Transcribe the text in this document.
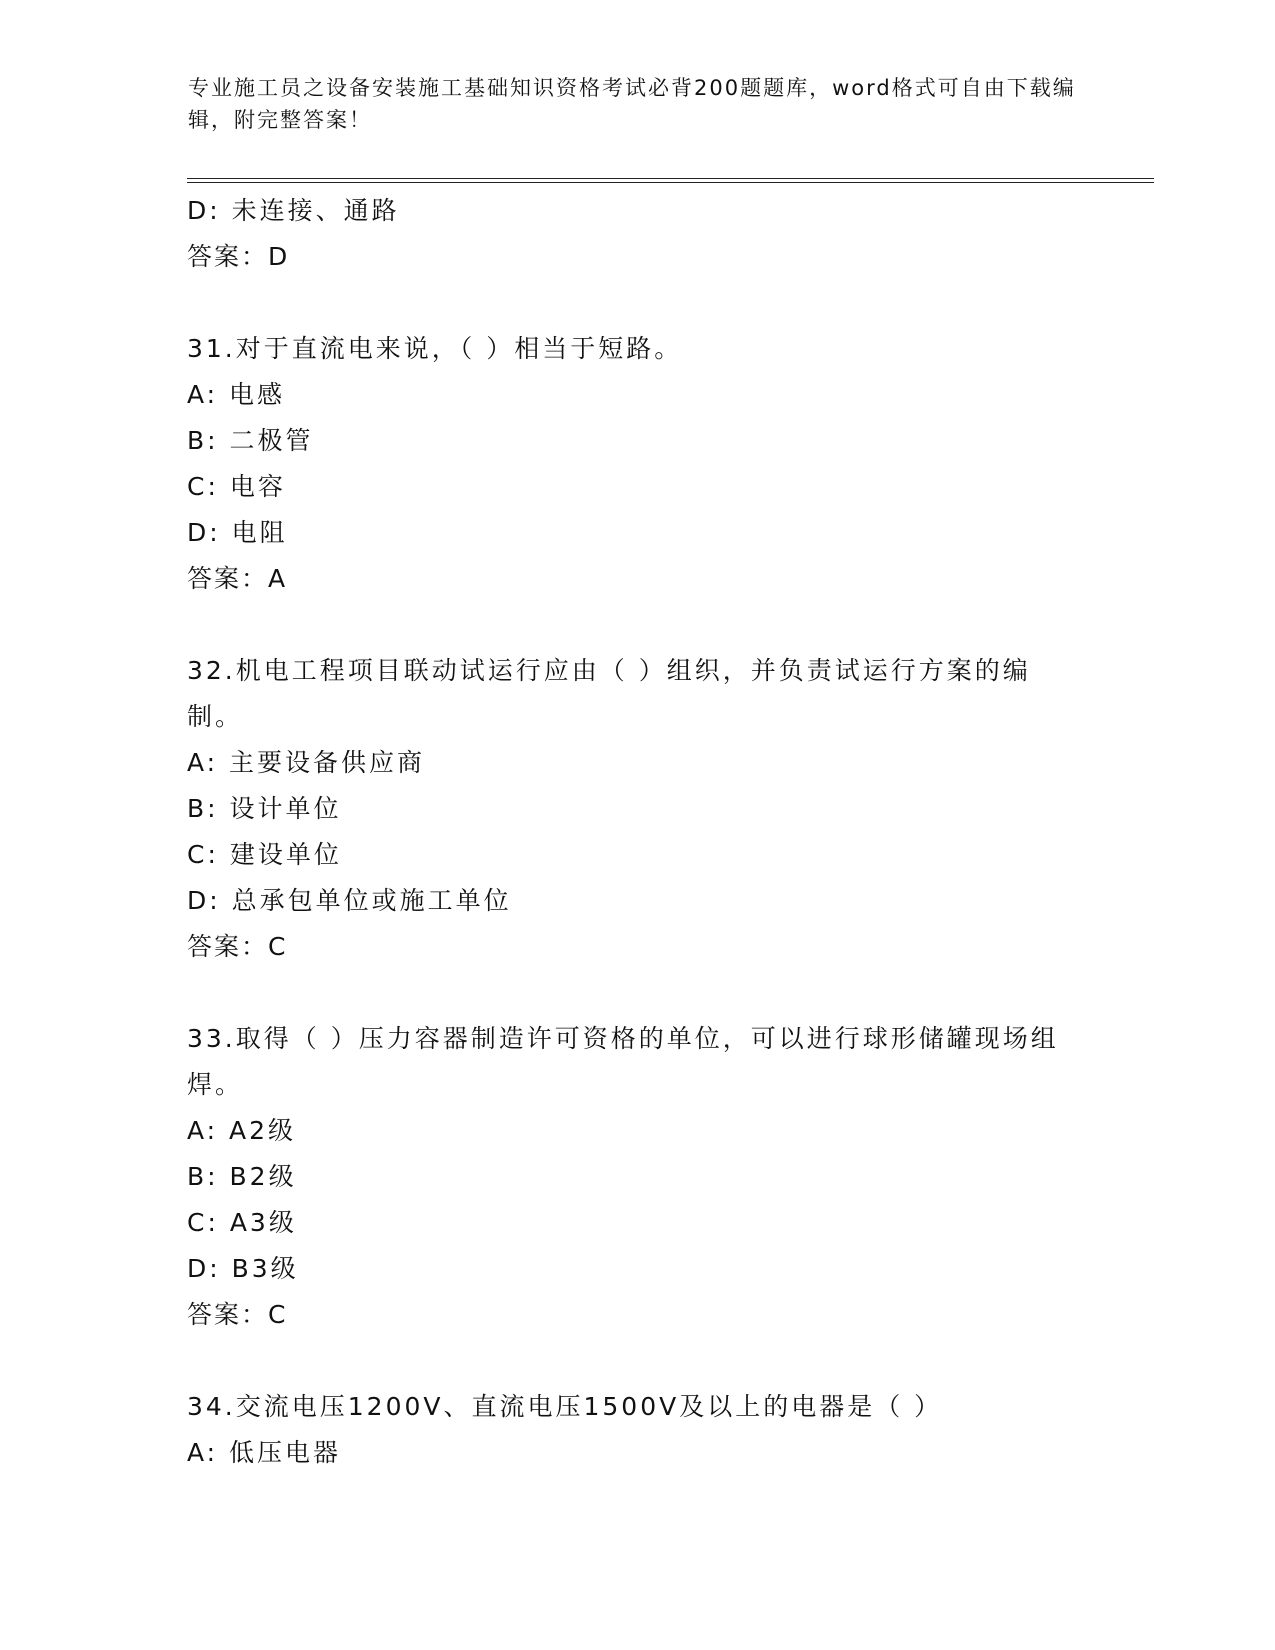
专业施工员之设备安装施工基础知识资格考试必背200题题库，word格式可自由下载编辑，附完整答案！
D: 未连接、通路
答案：D
31.对于直流电来说，（ ）相当于短路。
A: 电感
B: 二极管
C: 电容
D: 电阻
答案：A
32.机电工程项目联动试运行应由（ ）组织，并负责试运行方案的编制。
A: 主要设备供应商
B: 设计单位
C: 建设单位
D: 总承包单位或施工单位
答案：C
33.取得（ ）压力容器制造许可资格的单位，可以进行球形储罐现场组焊。
A: A2级
B: B2级
C: A3级
D: B3级
答案：C
34.交流电压1200V、直流电压1500V及以上的电器是（ ）
A: 低压电器
